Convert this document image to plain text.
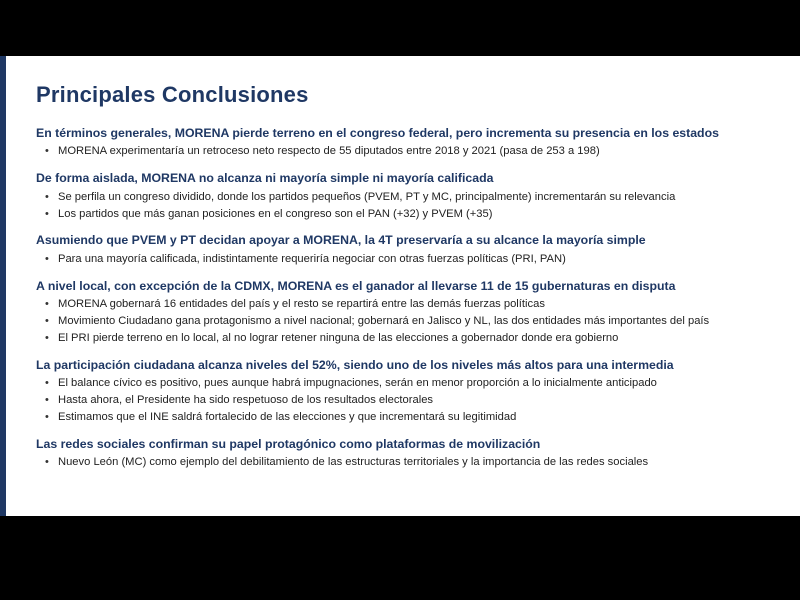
Principales Conclusiones
En términos generales, MORENA pierde terreno en el congreso federal, pero incrementa su presencia en los estados
• MORENA experimentaría un retroceso neto respecto de 55 diputados entre 2018 y 2021 (pasa de 253 a 198)
De forma aislada, MORENA no alcanza ni mayoría simple ni mayoría calificada
• Se perfila un congreso dividido, donde los partidos pequeños (PVEM, PT y MC, principalmente) incrementarán su relevancia
• Los partidos que más ganan posiciones en el congreso son el PAN (+32) y PVEM (+35)
Asumiendo que PVEM y PT decidan apoyar a MORENA, la 4T preservaría a su alcance la mayoría simple
• Para una mayoría calificada, indistintamente requeriría negociar con otras fuerzas políticas (PRI, PAN)
A nivel local, con excepción de la CDMX, MORENA es el ganador al llevarse 11 de 15 gubernaturas en disputa
• MORENA gobernará 16 entidades del país y el resto se repartirá entre las demás fuerzas políticas
• Movimiento Ciudadano gana protagonismo a nivel nacional; gobernará en Jalisco y NL, las dos entidades más importantes del país
• El PRI pierde terreno en lo local, al no lograr retener ninguna de las elecciones a gobernador donde era gobierno
La participación ciudadana alcanza niveles del 52%, siendo uno de los niveles más altos para una intermedia
• El balance cívico es positivo, pues aunque habrá impugnaciones, serán en menor proporción a lo inicialmente anticipado
• Hasta ahora, el Presidente ha sido respetuoso de los resultados electorales
• Estimamos que el INE saldrá fortalecido de las elecciones y que incrementará su legitimidad
Las redes sociales confirman su papel protagónico como plataformas de movilización
• Nuevo León (MC) como ejemplo del debilitamiento de las estructuras territoriales y la importancia de las redes sociales
